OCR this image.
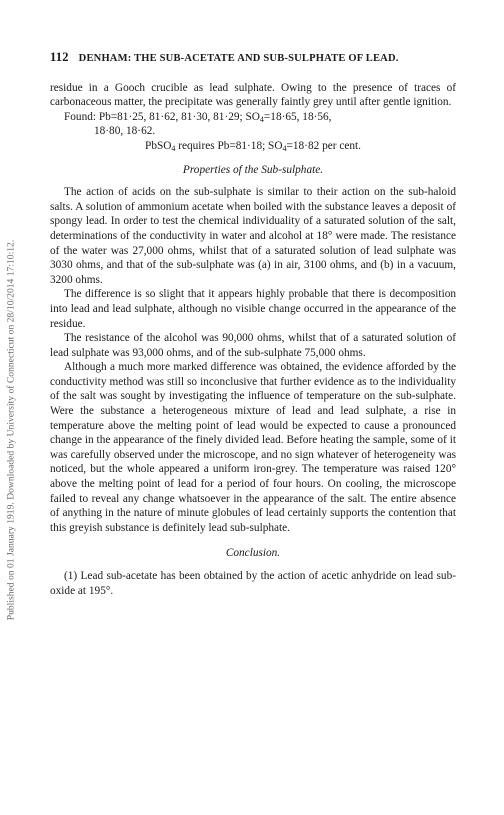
Published on 01 January 1919. Downloaded by University of Connecticut on 28/10/2014 17:10:12.
112 DENHAM: THE SUB-ACETATE AND SUB-SULPHATE OF LEAD.

residue in a Gooch crucible as lead sulphate. Owing to the presence of traces of carbonaceous matter, the precipitate was generally faintly grey until after gentle ignition.

Found: Pb=81·25, 81·62, 81·30, 81·29; $SO_4=18\cdot 65$, 18·56,
18·80, 18·62.

PbSO$_4$ requires Pb=81·18; $SO_4=18\cdot 82$ per cent.

Properties of the Sub-sulphate.

The action of acids on the sub-sulphate is similar to their action on the sub-haloid salts. A solution of ammonium acetate when boiled with the substance leaves a deposit of spongy lead. In order to test the chemical individuality of a saturated solution of the salt, determinations of the conductivity in water and alcohol at 18° were made. The resistance of the water was 27,000 ohms, whilst that of a saturated solution of lead sulphate was 3030 ohms, and that of the sub-sulphate was (a) in air, 3100 ohms, and (b) in a vacuum, 3200 ohms.

The difference is so slight that it appears highly probable that there is decomposition into lead and lead sulphate, although no visible change occurred in the appearance of the residue.

The resistance of the alcohol was 90,000 ohms, whilst that of a saturated solution of lead sulphate was 93,000 ohms, and of the sub-sulphate 75,000 ohms.

Although a much more marked difference was obtained, the evidence afforded by the conductivity method was still so inconclusive that further evidence as to the individuality of the salt was sought by investigating the influence of temperature on the sub-sulphate. Were the substance a heterogeneous mixture of lead and lead sulphate, a rise in temperature above the melting point of lead would be expected to cause a pronounced change in the appearance of the finely divided lead. Before heating the sample, some of it was carefully observed under the microscope, and no sign whatever of heterogeneity was noticed, but the whole appeared a uniform iron-grey. The temperature was raised 120° above the melting point of lead for a period of four hours. On cooling, the microscope failed to reveal any change whatsoever in the appearance of the salt. The entire absence of anything in the nature of minute globules of lead certainly supports the contention that this greyish substance is definitely lead sub-sulphate.

Conclusion.

(1) Lead sub-acetate has been obtained by the action of acetic anhydride on lead sub-oxide at 195°.
